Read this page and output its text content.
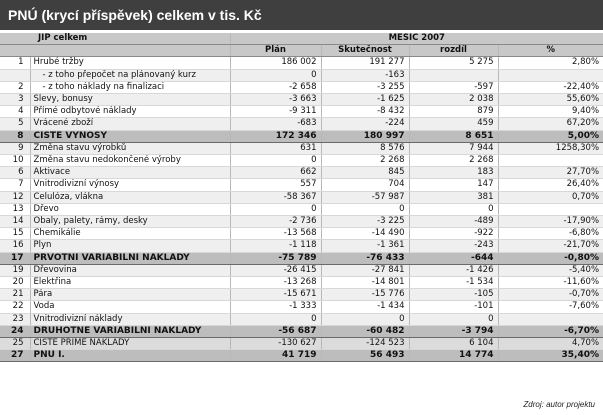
PNÚ (krycí příspěvek) celkem v tis. Kč
JIP celkem		MĚSÍC 2007			
		Plán	Skutečnost	rozdíl	%
1	Hrubé tržby	186 002	191 277	5 275	2,80%
	- z toho přepočet na plánovaný kurz	0	-163		
2	- z toho náklady na finalizaci	-2 658	-3 255	-597	-22,40%
3	Slevy, bonusy	-3 663	-1 625	2 038	55,60%
4	Přímé odbytové náklady	-9 311	-8 432	879	9,40%
5	Vrácené zboží	-683	-224	459	67,20%
8	ČISTÉ VÝNOSY	172 346	180 997	8 651	5,00%
9	Změna stavu výrobků	631	8 576	7 944	1258,30%
10	Změna stavu nedokončené výroby	0	2 268	2 268	
6	Aktivace	662	845	183	27,70%
7	Vnitrodivizní výnosy	557	704	147	26,40%
12	Celulóza, vlákna	-58 367	-57 987	381	0,70%
13	Dřevo	0	0	0	
14	Obaly, palety, rámy, desky	-2 736	-3 225	-489	-17,90%
15	Chemikálie	-13 568	-14 490	-922	-6,80%
16	Plyn	-1 118	-1 361	-243	-21,70%
17	PRVOTNÍ VARIABILNÍ NÁKLADY	-75 789	-76 433	-644	-0,80%
19	Dřevovina	-26 415	-27 841	-1 426	-5,40%
20	Elektřina	-13 268	-14 801	-1 534	-11,60%
21	Pára	-15 671	-15 776	-105	-0,70%
22	Voda	-1 333	-1 434	-101	-7,60%
23	Vnitrodivizní náklady	0	0	0	
24	DRUHOTNÉ VARIABILNÍ NÁKLADY	-56 687	-60 482	-3 794	-6,70%
25	ČISTÉ PŘÍMÉ NÁKLADY	-130 627	-124 523	6 104	4,70%
27	PNU I.	41 719	56 493	14 774	35,40%
Zdroj: autor projektu
